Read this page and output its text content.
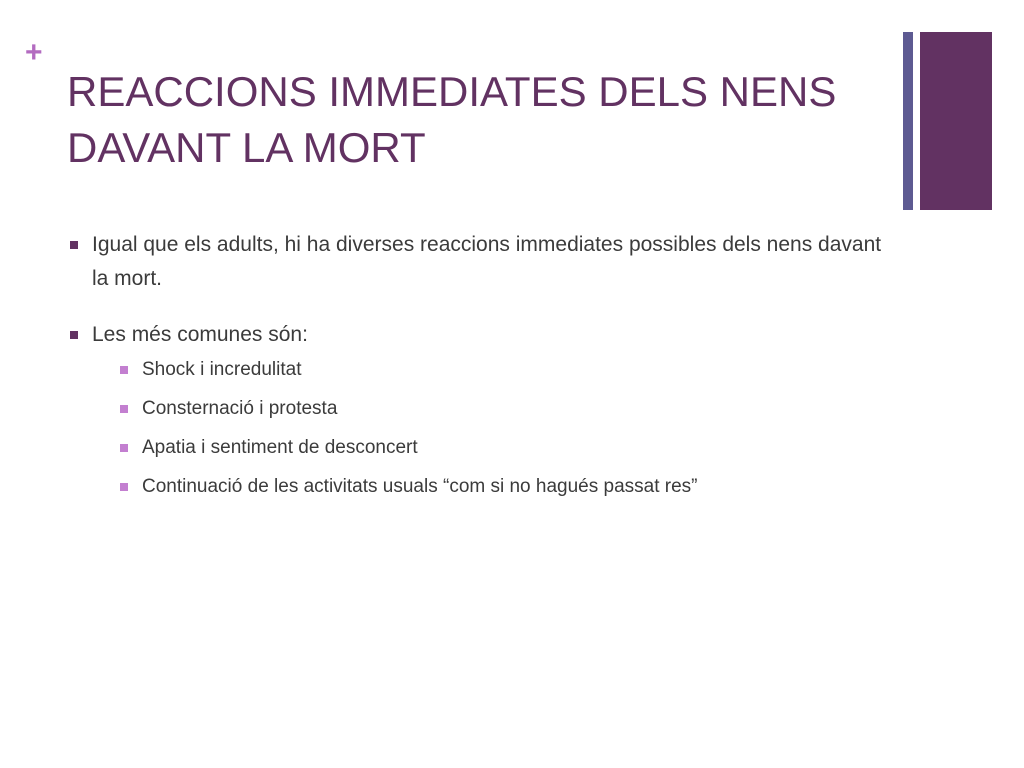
+
REACCIONS IMMEDIATES DELS NENS
DAVANT LA MORT
Igual que els adults, hi ha diverses reaccions immediates possibles dels nens davant la mort.
Les més comunes són:
Shock i incredulitat
Consternació i protesta
Apatia i sentiment de desconcert
Continuació de les activitats usuals “com si no hagués passat res”
